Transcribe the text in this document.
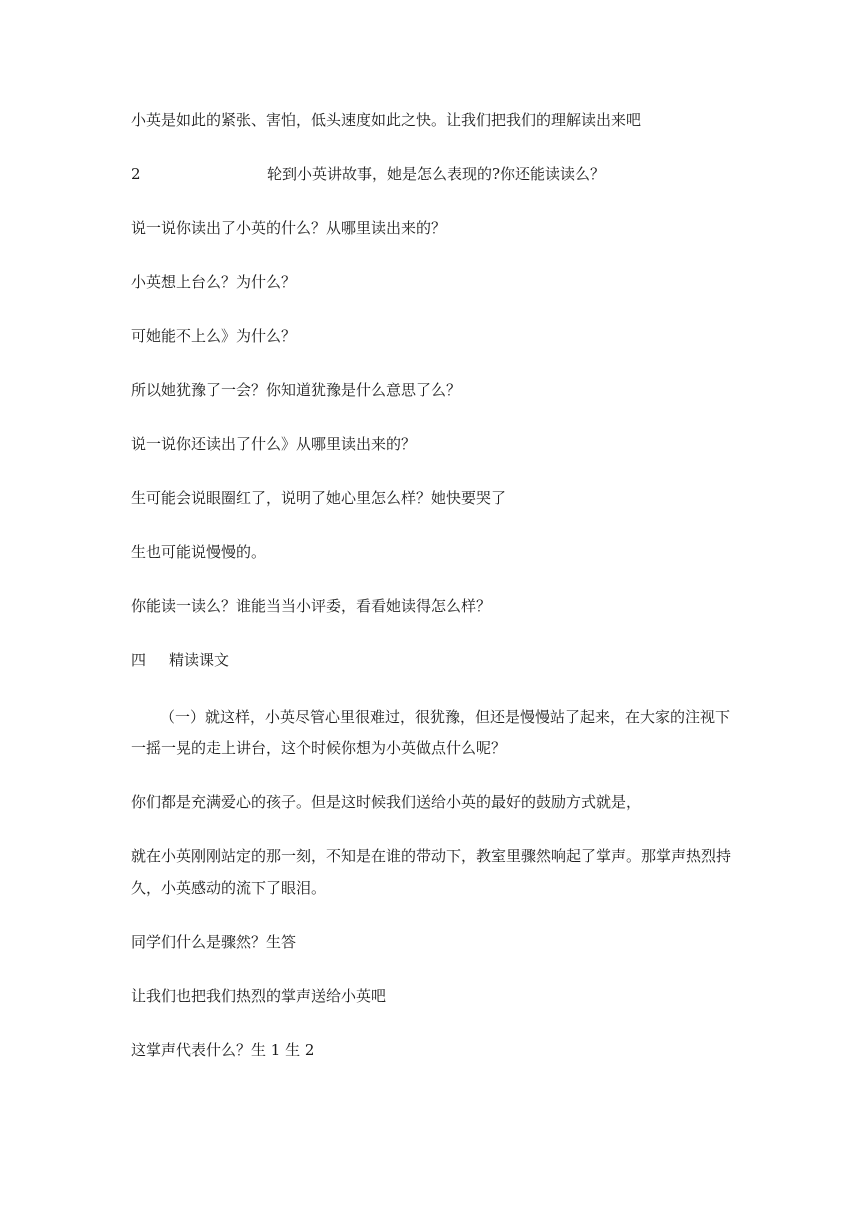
小英是如此的紧张、害怕，低头速度如此之快。让我们把我们的理解读出来吧
2	轮到小英讲故事，她是怎么表现的?你还能读读么？
说一说你读出了小英的什么？从哪里读出来的？
小英想上台么？为什么？
可她能不上么》为什么？
所以她犹豫了一会？你知道犹豫是什么意思了么？
说一说你还读出了什么》从哪里读出来的？
生可能会说眼圈红了，说明了她心里怎么样？她快要哭了
生也可能说慢慢的。
你能读一读么？谁能当当小评委，看看她读得怎么样？
四 精读课文
（一）就这样，小英尽管心里很难过，很犹豫，但还是慢慢站了起来，在大家的注视下
一摇一晃的走上讲台，这个时候你想为小英做点什么呢？
你们都是充满爱心的孩子。但是这时候我们送给小英的最好的鼓励方式就是，
就在小英刚刚站定的那一刻，不知是在谁的带动下，教室里骤然响起了掌声。那掌声热烈持
久，小英感动的流下了眼泪。
同学们什么是骤然？生答
让我们也把我们热烈的掌声送给小英吧
这掌声代表什么？生 1 生 2
